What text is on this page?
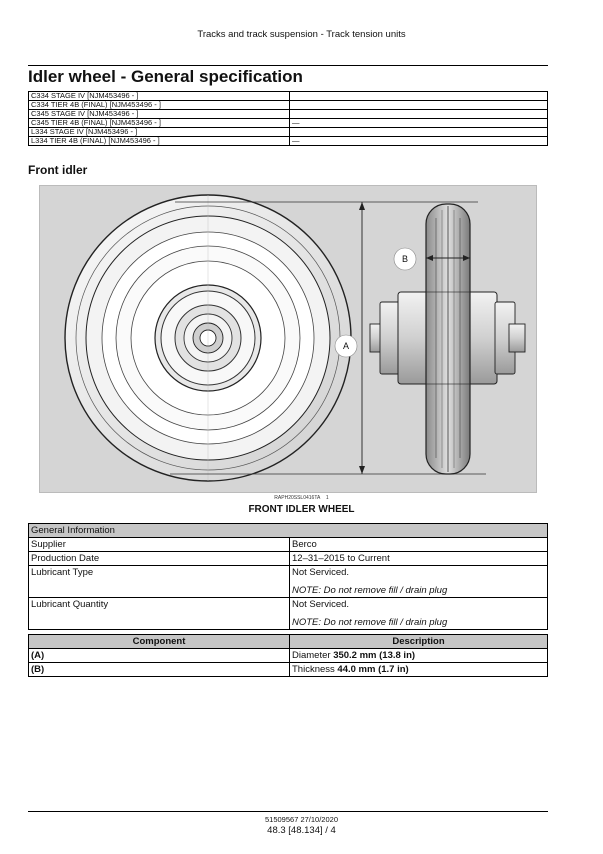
Tracks and track suspension - Track tension units
Idler wheel - General specification
C334 STAGE IV [NJM453496 - ]	
C334 TIER 4B (FINAL) [NJM453496 - ]	
C345 STAGE IV [NJM453496 - ]	
C345 TIER 4B (FINAL) [NJM453496 - ]	—
L334 STAGE IV [NJM453496 - ]	
L334 TIER 4B (FINAL) [NJM453496 - ]	—
Front idler
A
B
RAPH20SSL0416TA 1
FRONT IDLER WHEEL
General Information	
Supplier	Berco
Production Date	12–31–2015 to Current
Lubricant Type	Not Serviced.
NOTE: Do not remove fill / drain plug

Lubricant Quantity	Not Serviced.
NOTE: Do not remove fill / drain plug
Component	Description
(A)	Diameter 350.2 mm (13.8 in)
(B)	Thickness 44.0 mm (1.7 in)
51509567 27/10/2020
48.3 [48.134] / 4
